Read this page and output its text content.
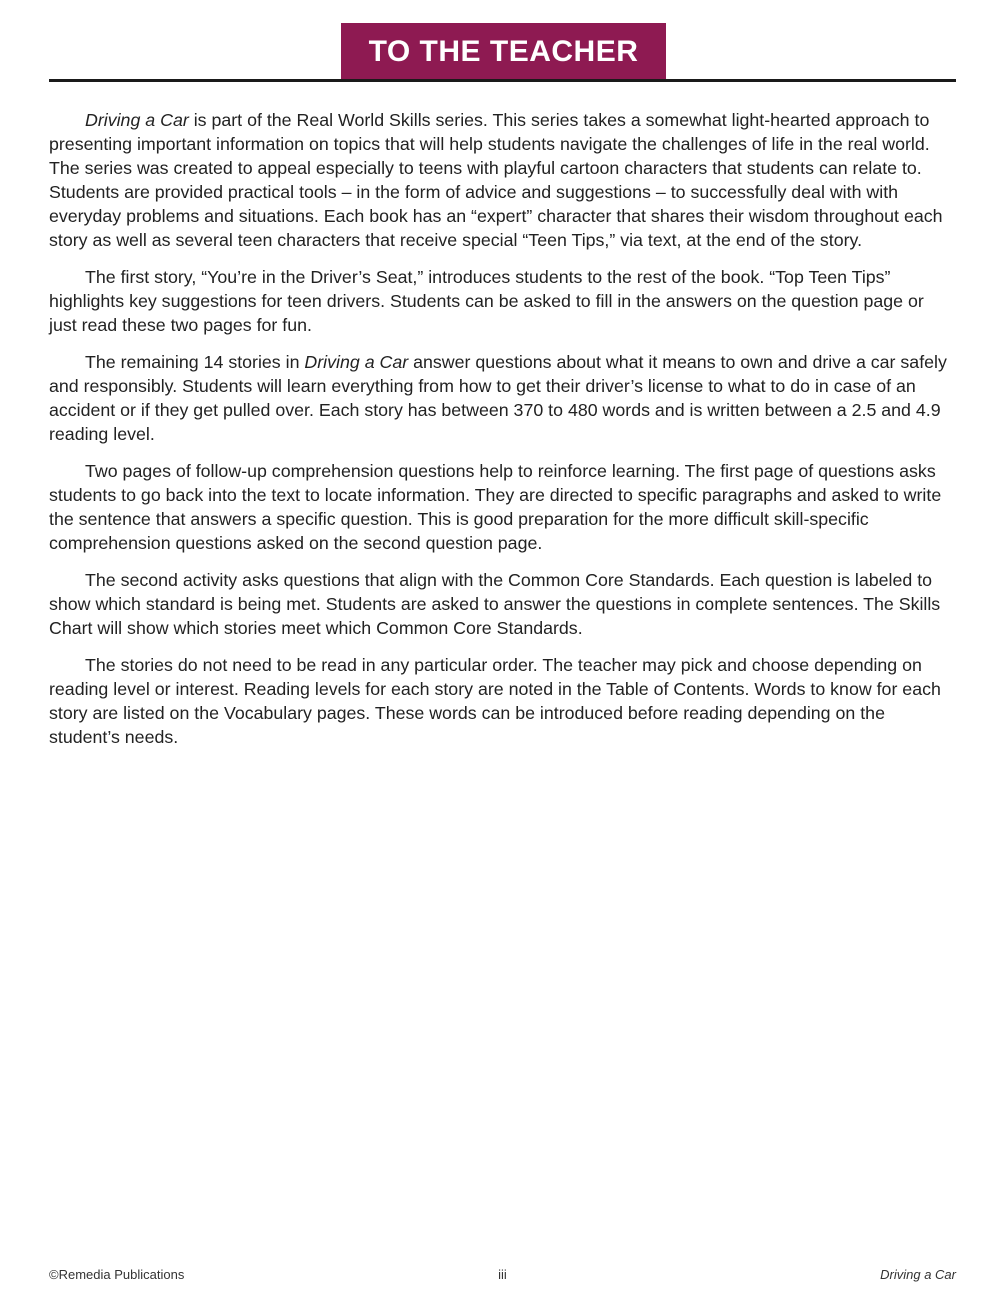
TO THE TEACHER

Driving a Car is part of the Real World Skills series. This series takes a somewhat light-hearted approach to presenting important information on topics that will help students navigate the challenges of life in the real world. The series was created to appeal especially to teens with playful cartoon characters that students can relate to. Students are provided practical tools – in the form of advice and suggestions – to successfully deal with with everyday problems and situations. Each book has an “expert” character that shares their wisdom throughout each story as well as several teen characters that receive special “Teen Tips,” via text, at the end of the story.

The first story, “You’re in the Driver’s Seat,” introduces students to the rest of the book. “Top Teen Tips” highlights key suggestions for teen drivers. Students can be asked to fill in the answers on the question page or just read these two pages for fun.

The remaining 14 stories in Driving a Car answer questions about what it means to own and drive a car safely and responsibly. Students will learn everything from how to get their driver’s license to what to do in case of an accident or if they get pulled over. Each story has between 370 to 480 words and is written between a 2.5 and 4.9 reading level.

Two pages of follow-up comprehension questions help to reinforce learning. The first page of questions asks students to go back into the text to locate information. They are directed to specific paragraphs and asked to write the sentence that answers a specific question. This is good preparation for the more difficult skill-specific comprehension questions asked on the second question page.

The second activity asks questions that align with the Common Core Standards. Each question is labeled to show which standard is being met. Students are asked to answer the questions in complete sentences. The Skills Chart will show which stories meet which Common Core Standards.

The stories do not need to be read in any particular order. The teacher may pick and choose depending on reading level or interest. Reading levels for each story are noted in the Table of Contents. Words to know for each story are listed on the Vocabulary pages. These words can be introduced before reading depending on the student’s needs.

©Remedia Publications	iii	Driving a Car
